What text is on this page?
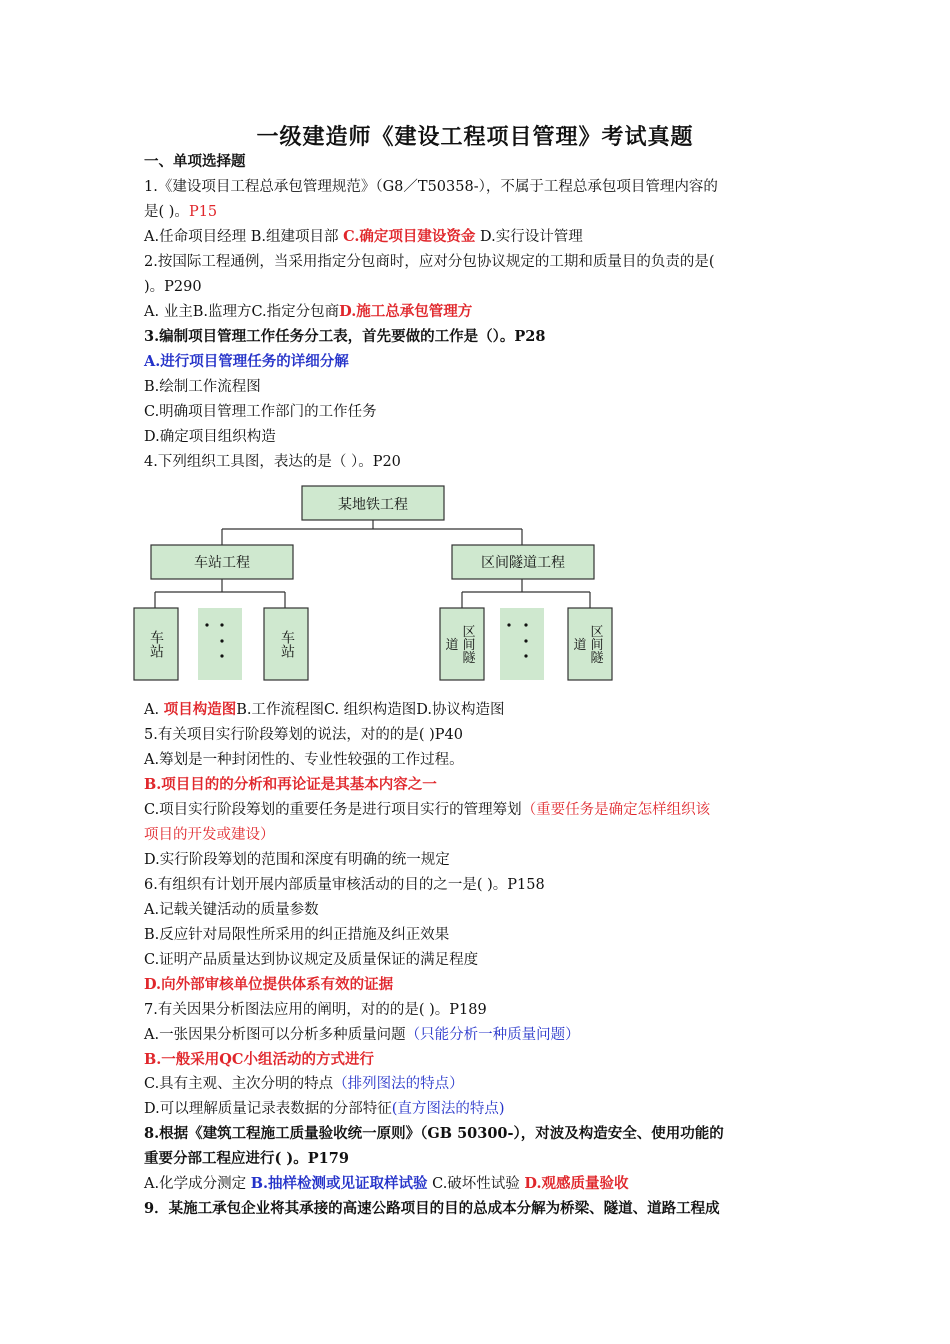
一级建造师《建设工程项目管理》考试真题
一、单项选择题
1.《建设项目工程总承包管理规范》（G8／T50358-），不属于工程总承包项目管理内容的
是( )。P15
A.任命项目经理 B.组建项目部 C.确定项目建设资金 D.实行设计管理
2.按国际工程通例，当采用指定分包商时，应对分包协议规定的工期和质量目的负责的是(
)。P290
A. 业主B.监理方C.指定分包商D.施工总承包管理方
3.编制项目管理工作任务分工表，首先要做的工作是（）。P28
A.进行项目管理任务的详细分解
B.绘制工作流程图
C.明确项目管理工作部门的工作任务
D.确定项目组织构造
4.下列组织工具图，表达的是（ ）。P20
某地铁工程
车站工程	区间隧道工程
车站	车站	区间隧
道	区间隧
道
A. 项目构造图B.工作流程图C. 组织构造图D.协议构造图
5.有关项目实行阶段筹划的说法，对的的是( )P40
A.筹划是一种封闭性的、专业性较强的工作过程。
B.项目目的的分析和再论证是其基本内容之一
C.项目实行阶段筹划的重要任务是进行项目实行的管理筹划（重要任务是确定怎样组织该
项目的开发或建设）
D.实行阶段筹划的范围和深度有明确的统一规定
6.有组织有计划开展内部质量审核活动的目的之一是( )。P158
A.记载关键活动的质量参数
B.反应针对局限性所采用的纠正措施及纠正效果
C.证明产品质量达到协议规定及质量保证的满足程度
D.向外部审核单位提供体系有效的证据
7.有关因果分析图法应用的阐明，对的的是( )。P189
A.一张因果分析图可以分析多种质量问题（只能分析一种质量问题）
B.一般采用QC小组活动的方式进行
C.具有主观、主次分明的特点（排列图法的特点）
D.可以理解质量记录表数据的分部特征(直方图法的特点)
8.根据《建筑工程施工质量验收统一原则》（GB 50300-），对波及构造安全、使用功能的
重要分部工程应进行( )。P179
A.化学成分测定 B.抽样检测或见证取样试验 C.破坏性试验 D.观感质量验收
9．某施工承包企业将其承接的高速公路项目的目的总成本分解为桥梁、隧道、道路工程成
